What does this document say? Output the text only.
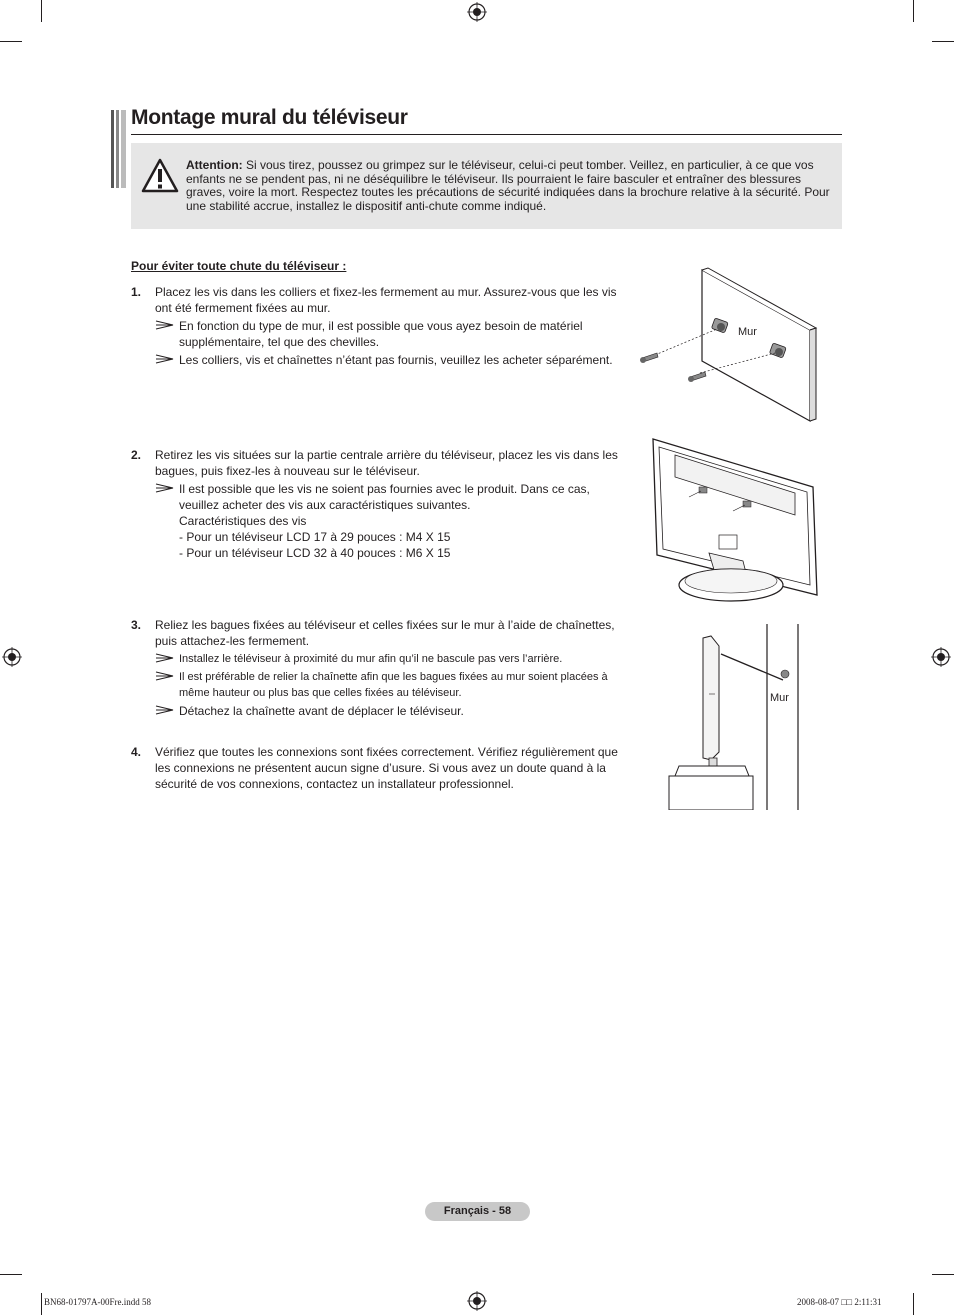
Montage mural du téléviseur
Attention: Si vous tirez, poussez ou grimpez sur le téléviseur, celui-ci peut tomber. Veillez, en particulier, à ce que vos enfants ne se pendent pas, ni ne déséquilibre le téléviseur. Ils pourraient le faire basculer et entraîner des blessures graves, voire la mort. Respectez toutes les précautions de sécurité indiquées dans la brochure relative à la sécurité. Pour une stabilité accrue, installez le dispositif anti-chute comme indiqué.
Pour éviter toute chute du téléviseur :
1. Placez les vis dans les colliers et fixez-les fermement au mur. Assurez-vous que les vis ont été fermement fixées au mur.
En fonction du type de mur, il est possible que vous ayez besoin de matériel supplémentaire, tel que des chevilles.
Les colliers, vis et chaînettes n’étant pas fournis, veuillez les acheter séparément.
Mur
2. Retirez les vis situées sur la partie centrale arrière du téléviseur, placez les vis dans les bagues, puis fixez-les à nouveau sur le téléviseur.
Il est possible que les vis ne soient pas fournies avec le produit. Dans ce cas, veuillez acheter des vis aux caractéristiques suivantes.
Caractéristiques des vis
- Pour un téléviseur LCD 17 à 29 pouces : M4 X 15
- Pour un téléviseur LCD 32 à 40 pouces : M6 X 15
3. Reliez les bagues fixées au téléviseur et celles fixées sur le mur à l’aide de chaînettes, puis attachez-les fermement.
Installez le téléviseur à proximité du mur afin qu’il ne bascule pas vers l’arrière.
Il est préférable de relier la chaînette afin que les bagues fixées au mur soient placées à même hauteur ou plus bas que celles fixées au téléviseur.
Détachez la chaînette avant de déplacer le téléviseur.
4. Vérifiez que toutes les connexions sont fixées correctement. Vérifiez régulièrement que les connexions ne présentent aucun signe d’usure. Si vous avez un doute quand à la sécurité de vos connexions, contactez un installateur professionnel.
Mur
Français - 58
BN68-01797A-00Fre.indd 58	2008-08-07 □□ 2:11:31
